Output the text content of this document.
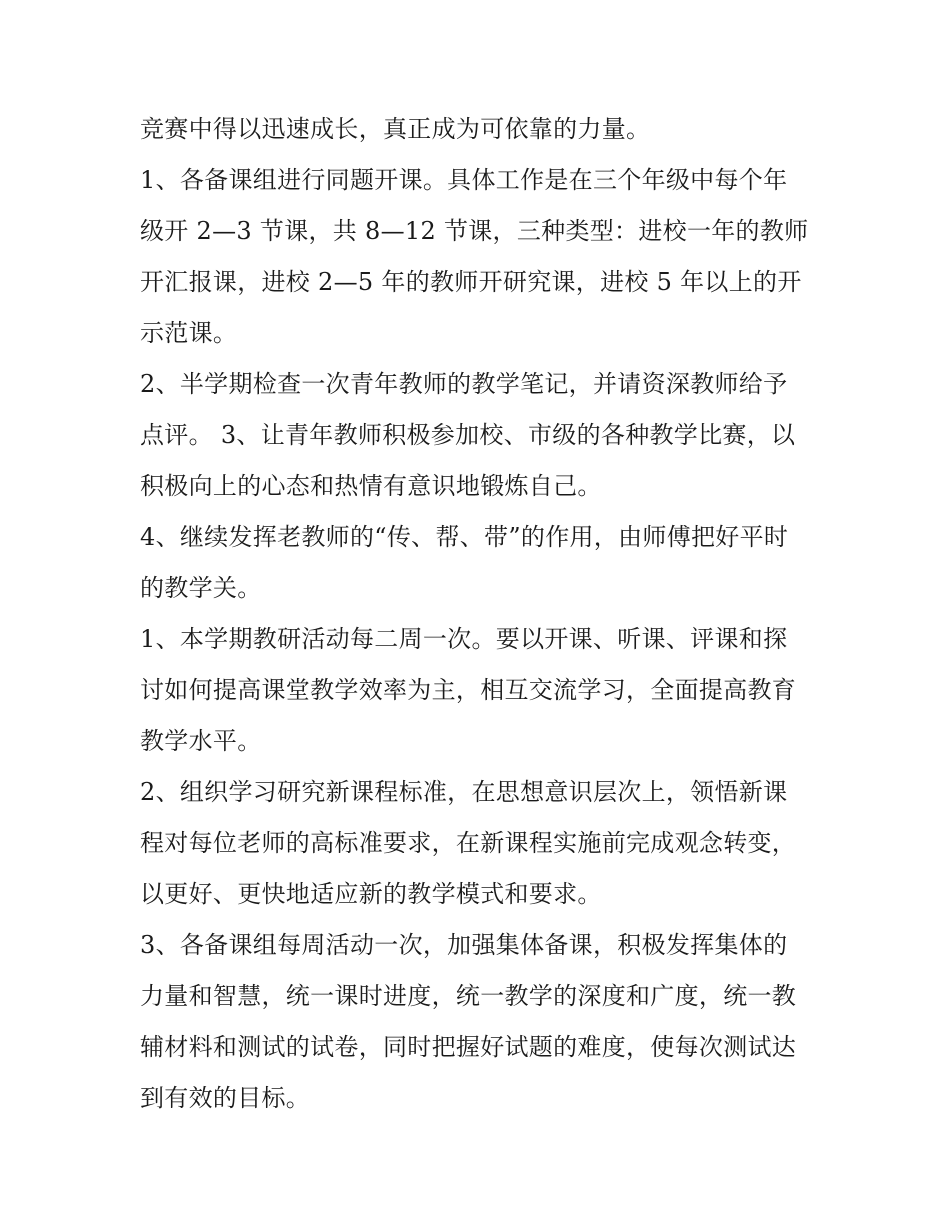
竞赛中得以迅速成长，真正成为可依靠的力量。
1、各备课组进行同题开课。具体工作是在三个年级中每个年
级开 2—3 节课，共 8—12 节课，三种类型：进校一年的教师
开汇报课，进校 2—5 年的教师开研究课，进校 5 年以上的开
示范课。
2、半学期检查一次青年教师的教学笔记，并请资深教师给予
点评。 3、让青年教师积极参加校、市级的各种教学比赛，以
积极向上的心态和热情有意识地锻炼自己。
4、继续发挥老教师的“传、帮、带”的作用，由师傅把好平时
的教学关。
1、本学期教研活动每二周一次。要以开课、听课、评课和探
讨如何提高课堂教学效率为主，相互交流学习，全面提高教育
教学水平。
2、组织学习研究新课程标准，在思想意识层次上，领悟新课
程对每位老师的高标准要求，在新课程实施前完成观念转变，
以更好、更快地适应新的教学模式和要求。
3、各备课组每周活动一次，加强集体备课，积极发挥集体的
力量和智慧，统一课时进度，统一教学的深度和广度，统一教
辅材料和测试的试卷，同时把握好试题的难度，使每次测试达
到有效的目标。
